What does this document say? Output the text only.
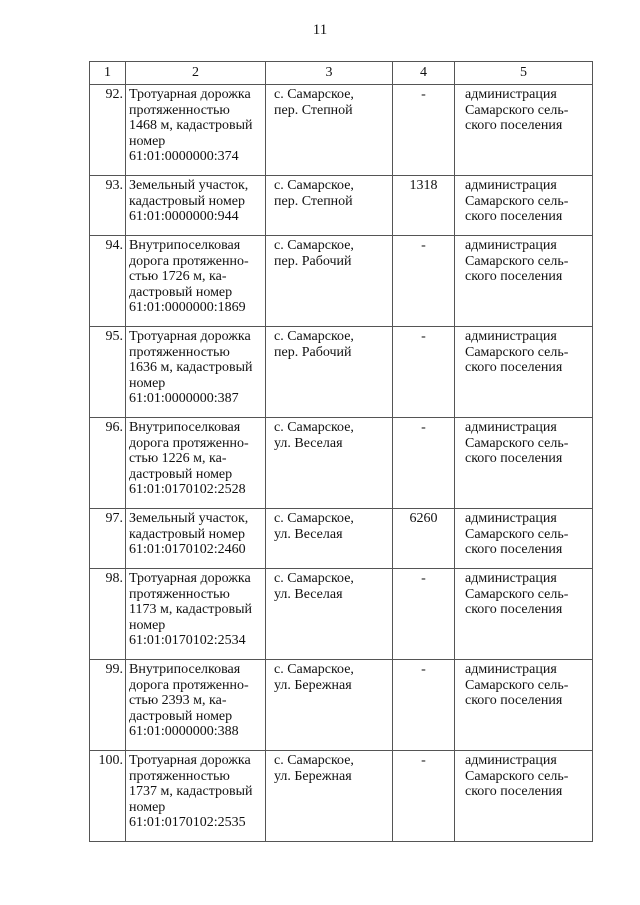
11
1	2	3	4	5
92.	Тротуарная дорожка
протяженностью
1468 м, кадастровый
номер
61:01:0000000:374	с. Самарское,
пер. Степной	-	администрация
Самарского сель-
ского поселения

93.	Земельный участок,
кадастровый номер
61:01:0000000:944	с. Самарское,
пер. Степной	1318	администрация
Самарского сель-
ского поселения

94.	Внутрипоселковая
дорога протяженно-
стью 1726 м, ка-
дастровый номер
61:01:0000000:1869	с. Самарское,
пер. Рабочий	-	администрация
Самарского сель-
ского поселения

95.	Тротуарная дорожка
протяженностью
1636 м, кадастровый
номер
61:01:0000000:387	с. Самарское,
пер. Рабочий	-	администрация
Самарского сель-
ского поселения

96.	Внутрипоселковая
дорога протяженно-
стью 1226 м, ка-
дастровый номер
61:01:0170102:2528	с. Самарское,
ул. Веселая	-	администрация
Самарского сель-
ского поселения

97.	Земельный участок,
кадастровый номер
61:01:0170102:2460	с. Самарское,
ул. Веселая	6260	администрация
Самарского сель-
ского поселения

98.	Тротуарная дорожка
протяженностью
1173 м, кадастровый
номер
61:01:0170102:2534	с. Самарское,
ул. Веселая	-	администрация
Самарского сель-
ского поселения

99.	Внутрипоселковая
дорога протяженно-
стью 2393 м, ка-
дастровый номер
61:01:0000000:388	с. Самарское,
ул. Бережная	-	администрация
Самарского сель-
ского поселения

100.	Тротуарная дорожка
протяженностью
1737 м, кадастровый
номер
61:01:0170102:2535	с. Самарское,
ул. Бережная	-	администрация
Самарского сель-
ского поселения
